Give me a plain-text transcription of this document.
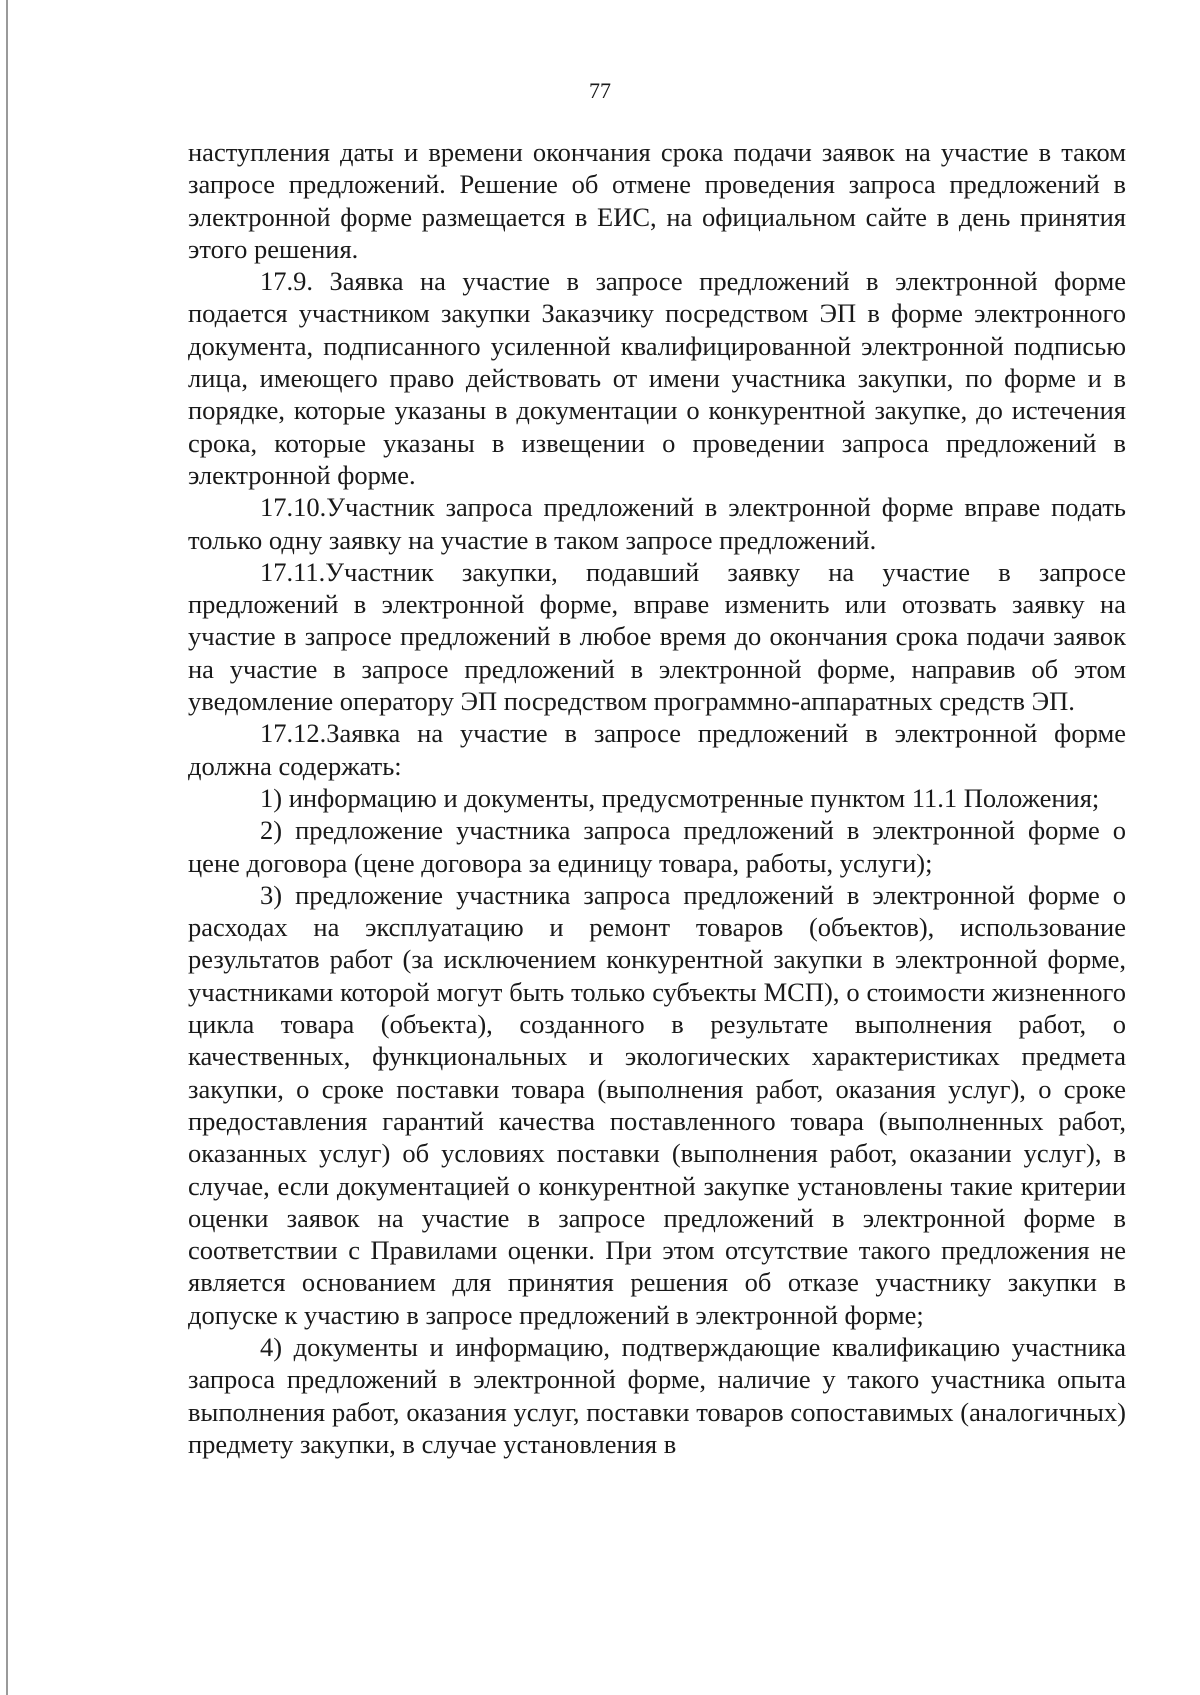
77

наступления даты и времени окончания срока подачи заявок на участие в таком запросе предложений. Решение об отмене проведения запроса предложений в электронной форме размещается в ЕИС, на официальном сайте в день принятия этого решения.

17.9. Заявка на участие в запросе предложений в электронной форме подается участником закупки Заказчику посредством ЭП в форме электронного документа, подписанного усиленной квалифицированной электронной подписью лица, имеющего право действовать от имени участника закупки, по форме и в порядке, которые указаны в документации о конкурентной закупке, до истечения срока, которые указаны в извещении о проведении запроса предложений в электронной форме.

17.10.Участник запроса предложений в электронной форме вправе подать только одну заявку на участие в таком запросе предложений.

17.11.Участник закупки, подавший заявку на участие в запросе предложений в электронной форме, вправе изменить или отозвать заявку на участие в запросе предложений в любое время до окончания срока подачи заявок на участие в запросе предложений в электронной форме, направив об этом уведомление оператору ЭП посредством программно-аппаратных средств ЭП.

17.12.Заявка на участие в запросе предложений в электронной форме должна содержать:

1) информацию и документы, предусмотренные пунктом 11.1 Положения;

2) предложение участника запроса предложений в электронной форме о цене договора (цене договора за единицу товара, работы, услуги);

3) предложение участника запроса предложений в электронной форме о расходах на эксплуатацию и ремонт товаров (объектов), использование результатов работ (за исключением конкурентной закупки в электронной форме, участниками которой могут быть только субъекты МСП), о стоимости жизненного цикла товара (объекта), созданного в результате выполнения работ, о качественных, функциональных и экологических характеристиках предмета закупки, о сроке поставки товара (выполнения работ, оказания услуг), о сроке предоставления гарантий качества поставленного товара (выполненных работ, оказанных услуг) об условиях поставки (выполнения работ, оказании услуг), в случае, если документацией о конкурентной закупке установлены такие критерии оценки заявок на участие в запросе предложений в электронной форме в соответствии с Правилами оценки. При этом отсутствие такого предложения не является основанием для принятия решения об отказе участнику закупки в допуске к участию в запросе предложений в электронной форме;

4) документы и информацию, подтверждающие квалификацию участника запроса предложений в электронной форме, наличие у такого участника опыта выполнения работ, оказания услуг, поставки товаров сопоставимых (аналогичных) предмету закупки, в случае установления в
